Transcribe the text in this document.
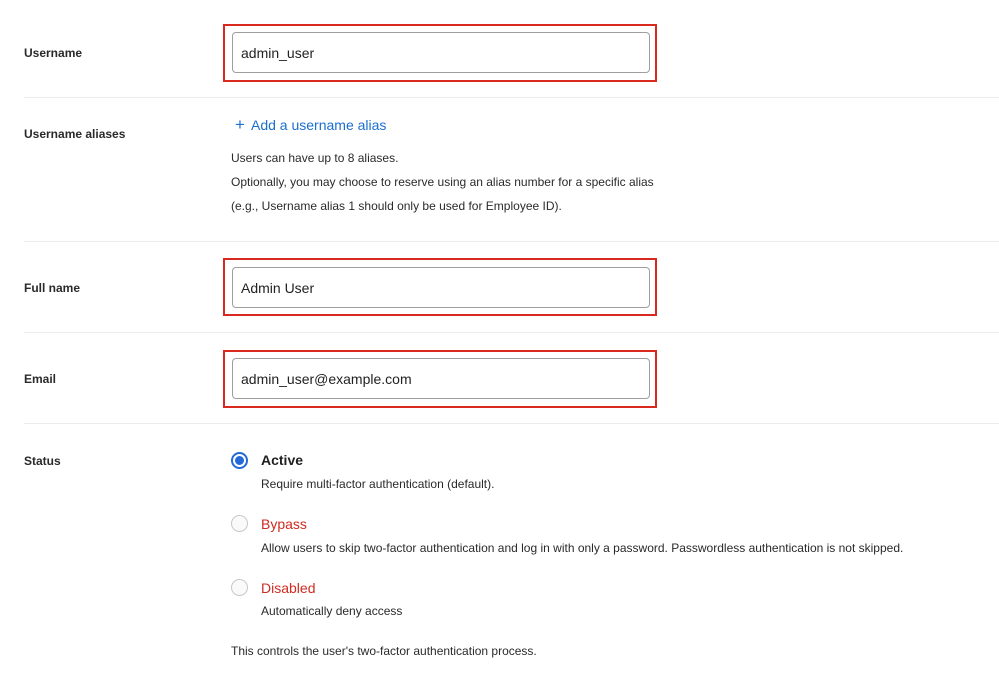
Username
admin_user
Username aliases	+ Add a username alias
Users can have up to 8 aliases.
Optionally, you may choose to reserve using an alias number for a specific alias
(e.g., Username alias 1 should only be used for Employee ID).
Full name
Admin User
Email
admin_user@example.com
Status	Active
Require multi-factor authentication (default).
Bypass
Allow users to skip two-factor authentication and log in with only a password. Passwordless authentication is not skipped.
Disabled
Automatically deny access
This controls the user's two-factor authentication process.
